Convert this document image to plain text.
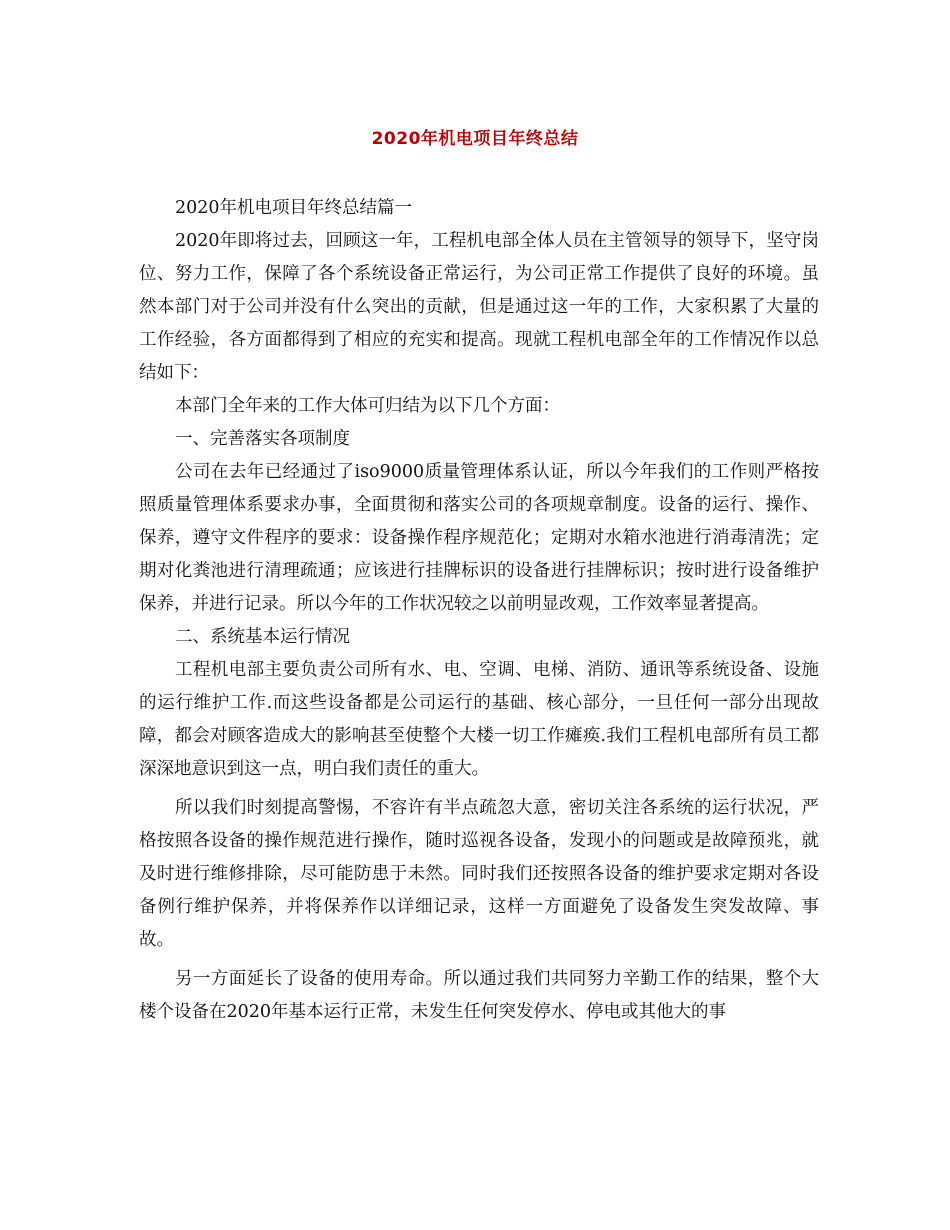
2020年机电项目年终总结

2020年机电项目年终总结篇一

2020年即将过去，回顾这一年，工程机电部全体人员在主管领导的领导下，坚守岗位、努力工作，保障了各个系统设备正常运行，为公司正常工作提供了良好的环境。虽然本部门对于公司并没有什么突出的贡献，但是通过这一年的工作，大家积累了大量的工作经验，各方面都得到了相应的充实和提高。现就工程机电部全年的工作情况作以总结如下：

本部门全年来的工作大体可归结为以下几个方面：

一、完善落实各项制度

公司在去年已经通过了iso9000质量管理体系认证，所以今年我们的工作则严格按照质量管理体系要求办事，全面贯彻和落实公司的各项规章制度。设备的运行、操作、保养，遵守文件程序的要求：设备操作程序规范化；定期对水箱水池进行消毒清洗；定期对化粪池进行清理疏通；应该进行挂牌标识的设备进行挂牌标识；按时进行设备维护保养，并进行记录。所以今年的工作状况较之以前明显改观，工作效率显著提高。

二、系统基本运行情况

工程机电部主要负责公司所有水、电、空调、电梯、消防、通讯等系统设备、设施的运行维护工作.而这些设备都是公司运行的基础、核心部分，一旦任何一部分出现故障，都会对顾客造成大的影响甚至使整个大楼一切工作瘫痪.我们工程机电部所有员工都深深地意识到这一点，明白我们责任的重大。

所以我们时刻提高警惕，不容许有半点疏忽大意，密切关注各系统的运行状况，严格按照各设备的操作规范进行操作，随时巡视各设备，发现小的问题或是故障预兆，就及时进行维修排除，尽可能防患于未然。同时我们还按照各设备的维护要求定期对各设备例行维护保养，并将保养作以详细记录，这样一方面避免了设备发生突发故障、事故。

另一方面延长了设备的使用寿命。所以通过我们共同努力辛勤工作的结果，整个大楼个设备在2020年基本运行正常，未发生任何突发停水、停电或其他大的事
